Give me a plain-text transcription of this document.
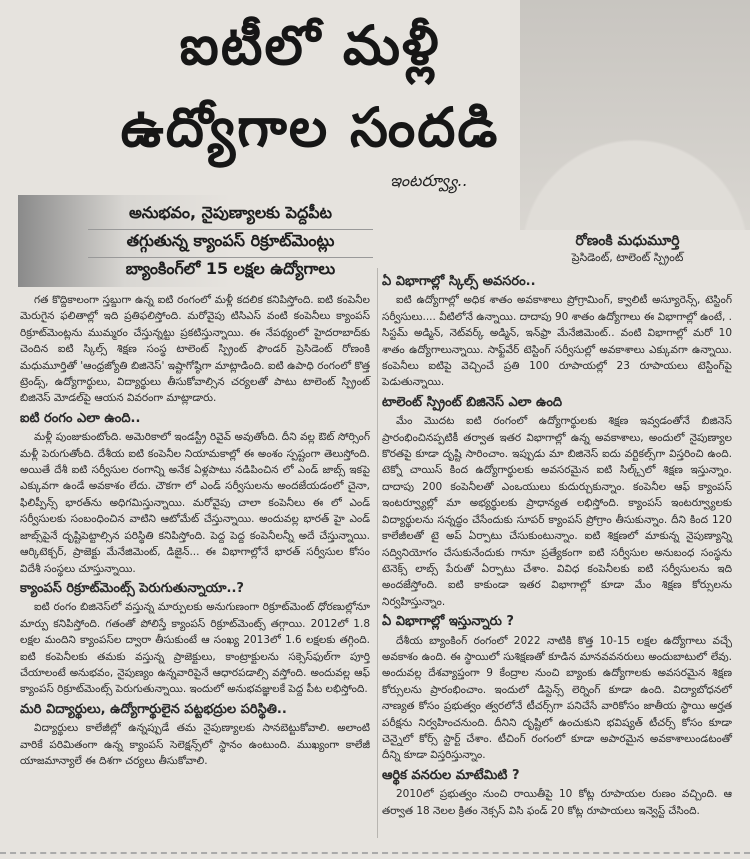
ఐటీలో మళ్లీ
ఉద్యోగాల సందడి
ఇంటర్వ్యూ..
అనుభవం, నైపుణ్యాలకు పెద్దపీట
తగ్గుతున్న క్యాంపస్ రిక్రూట్‌మెంట్లు
బ్యాంకింగ్‌లో 15 లక్షల ఉద్యోగాలు
రోణంకి మధుమూర్తి
ప్రెసిడెంట్, టాలెంట్ స్ప్రింట్

గత కొద్దికాలంగా స్తబ్దుగా ఉన్న ఐటి రంగంలో మళ్లీ కదలిక కనిపిస్తోంది. ఐటి కంపెనీల మెరుగైన ఫలితాల్లో ఇది ప్రతిఫలిస్తోంది. మరోవైపు టిసిఎస్ వంటి కంపెనీలు క్యాంపస్ రిక్రూట్‌మెంట్లను ముమ్మరం చేస్తున్నట్టు ప్రకటిస్తున్నాయి. ఈ నేపథ్యంలో హైదరాబాద్‌కు చెందిన ఐటి స్కిల్స్ శిక్షణ సంస్థ టాలెంట్ స్ప్రింట్ ఫౌండర్ ప్రెసిడెంట్ రోణంకి మధుమూర్తితో 'ఆంధ్రజ్యోతి బిజినెస్' ఇష్టాగోష్ఠిగా మాట్లాడింది. ఐటి ఉపాధి రంగంలో కొత్త ట్రెండ్స్, ఉద్యోగార్థులు, విద్యార్థులు తీసుకోవాల్సిన చర్యలతో పాటు టాలెంట్ స్ప్రింట్ బిజినెస్ మోడల్‌పై ఆయన వివరంగా మాట్లాడారు.

ఐటి రంగం ఎలా ఉంది..

మళ్లీ పుంజుకుంటోంది. అమెరికాలో ఇండస్ట్రీ రివైవ్ అవుతోంది. దీని వల్ల ఔట్ సోర్సింగ్ మళ్లీ పెరుగుతోంది. దేశీయ ఐటి కంపెనీల నియామకాల్లో ఈ అంశం స్పష్టంగా తెలుస్తోంది. అయితే దేశీ ఐటి సర్వీసుల రంగాన్ని అనేక ఏళ్లపాటు నడిపించిన లో ఎండ్ జాబ్స్ ఇకపై ఎక్కువగా ఉండే అవకాశం లేదు. చౌకగా లో ఎండ్ సర్వీసులను అందజేయడంలో చైనా, ఫిలిప్పీన్స్ భారత్‌ను అధిగమిస్తున్నాయి. మరోవైపు చాలా కంపెనీలు ఈ లో ఎండ్ సర్వీసులకు సంబంధించిన వాటిని ఆటోమేట్ చేస్తున్నాయి. అందువల్ల భారత్ హై ఎండ్ జాబ్స్‌పైనే దృష్టిపెట్టాల్సిన పరిస్థితి కనిపిస్తోంది. పెద్ద పెద్ద కంపెనీలన్నీ అదే చేస్తున్నాయి. ఆర్కిటెక్చర్, ప్రాజెక్టు మేనేజిమెంట్, డిజైన్... ఈ విభాగాల్లోనే భారత్ సర్వీసుల కోసం విదేశీ సంస్థలు చూస్తున్నాయి.

క్యాంపస్ రిక్రూట్‌మెంట్స్ పెరుగుతున్నాయా..?

ఐటి రంగం బిజినెస్‌లో వస్తున్న మార్పులకు అనుగుణంగా రిక్రూట్‌మెంట్ ధోరణుల్లోనూ మార్పు కనిపిస్తోంది. గతంతో పోలిస్తే క్యాంపస్ రిక్రూట్‌మెంట్స్ తగ్గాయి. 2012లో 1.8 లక్షల మందిని క్యాంపస్‌ల ద్వారా తీసుకుంటే ఆ సంఖ్య 2013లో 1.6 లక్షలకు తగ్గింది. ఐటి కంపెనీలకు తమకు వస్తున్న ప్రాజెక్టులు, కాంట్రాక్టులను సక్సెస్‌ఫుల్‌గా పూర్తి చేయాలంటే అనుభవం, నైపుణ్యం ఉన్నవారిపైనే ఆధారపడాల్సి వస్తోంది. అందువల్ల ఆఫ్ క్యాంపస్ రిక్రూట్‌మెంట్స్ పెరుగుతున్నాయి. ఇందులో అనుభవజ్ఞులకే పెద్ద పీట లభిస్తోంది.

మరి విద్యార్థులు, ఉద్యోగార్థులైన పట్టభద్రుల పరిస్థితి..

విద్యార్థులు కాలేజీల్లో ఉన్నప్పుడే తమ నైపుణ్యాలకు సానబెట్టుకోవాలి. అలాంటి వారికే పరిమితంగా ఉన్న క్యాంపస్ సెలెక్షన్స్‌లో స్థానం ఉంటుంది. ముఖ్యంగా కాలేజీ యాజమాన్యాలే ఈ దిశగా చర్యలు తీసుకోవాలి.

ఏ విభాగాల్లో స్కిల్స్ అవసరం..

ఐటి ఉద్యోగాల్లో అధిక శాతం అవకాశాలు ప్రోగ్రామింగ్, క్వాలిటీ అస్యూరెన్స్, టెస్టింగ్ సర్వీసులు.... వీటిలోనే ఉన్నాయి. దాదాపు 90 శాతం ఉద్యోగాలు ఈ విభాగాల్లో ఉంటే, . సిస్టమ్ అడ్మిన్, నెట్‌వర్క్ అడ్మిన్, ఇన్‌ఫ్రా మేనేజిమెంట్.. వంటి విభాగాల్లో మరో 10 శాతం ఉద్యోగాలున్నాయి. సాఫ్ట్‌వేర్ టెస్టింగ్ సర్వీసుల్లో అవకాశాలు ఎక్కువగా ఉన్నాయి. కంపెనీలు ఐటిపై వెచ్చించే ప్రతి 100 రూపాయల్లో 23 రూపాయలు టెస్టింగ్‌పై పెడుతున్నాయి.

టాలెంట్ స్ప్రింట్ బిజినెస్ ఎలా ఉంది

మేం మొదట ఐటి రంగంలో ఉద్యోగార్థులకు శిక్షణ ఇవ్వడంతోనే బిజినెస్ ప్రారంభించినప్పటికీ తర్వాత ఇతర విభాగాల్లో ఉన్న అవకాశాలు, అందులో నైపుణ్యాల కొరతపై కూడా దృష్టి సారించాం. ఇప్పుడు మా బిజినెస్ ఐదు వర్టికల్స్‌గా విస్తరించి ఉంది. టెక్నో చాయిస్ కింద ఉద్యోగార్థులకు అవసరమైన ఐటి సిల్క్స్‌లో శిక్షణ ఇస్తున్నాం. దాదాపు 200 కంపెనీలతో ఎంఒయులు కుదుర్చుకున్నాం. కంపెనీల ఆఫ్ క్యాంపస్ ఇంటర్వ్యూల్లో మా అభ్యర్థులకు ప్రాధాన్యత లభిస్తోంది. క్యాంపస్ ఇంటర్వ్యూలకు విద్యార్థులను సన్నద్ధం చేసేందుకు సూపర్ క్యాంపస్ ప్రోగ్రాం తీసుకున్నాం. దీని కింద 120 కాలేజీలతో టై అప్ ఏర్పాటు చేసుకుంటున్నాం. ఐటి శిక్షణలో మాకున్న నైపుణ్యాన్ని సద్వినియోగం చేసుకునేందుకు గానూ ప్రత్యేకంగా ఐటి సర్వీసుల అనుబంధ సంస్థను టెనెక్స్ లాబ్స్ పేరుతో ఏర్పాటు చేశాం. వివిధ కంపెనీలకు ఐటి సర్వీసులను ఇది అందజేస్తోంది. ఐటి కాకుండా ఇతర విభాగాల్లో కూడా మేం శిక్షణ కోర్సులను నిర్వహిస్తున్నాం.

ఏ విభాగాల్లో ఇస్తున్నారు ?

దేశీయ బ్యాంకింగ్ రంగంలో 2022 నాటికి కొత్త 10-15 లక్షల ఉద్యోగాలు వచ్చే అవకాశం ఉంది. ఈ స్థాయిలో సుశిక్షణతో కూడిన మానవవనరులు అందుబాటులో లేవు. అందువల్ల దేశవ్యాప్తంగా 9 కేంద్రాల నుంచి బ్యాంకు ఉద్యోగాలకు అవసరమైన శిక్షణ కోర్సులను ప్రారంభించాం. ఇందులో డిస్టెన్స్ లెర్నింగ్ కూడా ఉంది. విద్యాబోధనలో నాణ్యత కోసం ప్రభుత్వం త్వరలోనే టీచర్స్‌గా పనిచేసే వారికోసం జాతీయ స్థాయి అర్హత పరీక్షను నిర్వహించనుంది. దీనిని దృష్టిలో ఉంచుకుని భవిష్యత్ టీచర్స్ కోసం కూడా చెన్నైలో కోర్స్ స్టార్ట్ చేశాం. టీచింగ్ రంగంలో కూడా అపారమైన అవకాశాలుండటంతో దీన్ని కూడా విస్తరిస్తున్నాం.

ఆర్థిక వనరుల మాటేమిటి ?

2010లో ప్రభుత్వం నుంచి రాయితీపై 10 కోట్ల రూపాయల రుణం వచ్చింది. ఆ తర్వాత 18 నెలల క్రితం నెక్సస్ విసి ఫండ్ 20 కోట్ల రూపాయలు ఇన్వెస్ట్ చేసింది.
